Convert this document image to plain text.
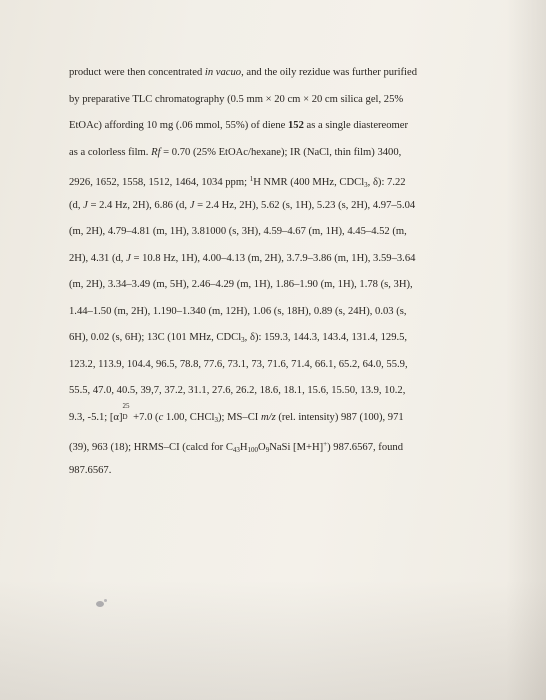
product were then concentrated in vacuo, and the oily rezidue was further purified
by preparative TLC chromatography (0.5 mm × 20 cm × 20 cm silica gel, 25%
EtOAc) affording 10 mg (.06 mmol, 55%) of diene 152 as a single diastereomer
as a colorless film. Rf = 0.70 (25% EtOAc/hexane); IR (NaCl, thin film) 3400,
2926, 1652, 1558, 1512, 1464, 1034 ppm; $^1$H NMR (400 MHz, CDCl$_3$, δ): 7.22
(d, J = 2.4 Hz, 2H), 6.86 (d, J = 2.4 Hz, 2H), 5.62 (s, 1H), 5.23 (s, 2H), 4.97–5.04
(m, 2H), 4.79–4.81 (m, 1H), 3.81000 (s, 3H), 4.59–4.67 (m, 1H), 4.45–4.52 (m,
2H), 4.31 (d, J = 10.8 Hz, 1H), 4.00–4.13 (m, 2H), 3.7.9–3.86 (m, 1H), 3.59–3.64
(m, 2H), 3.34–3.49 (m, 5H), 2.46–4.29 (m, 1H), 1.86–1.90 (m, 1H), 1.78 (s, 3H),
1.44–1.50 (m, 2H), 1.190–1.340 (m, 12H), 1.06 (s, 18H), 0.89 (s, 24H), 0.03 (s,
6H), 0.02 (s, 6H); 13C (101 MHz, CDCl$_3$, δ): 159.3, 144.3, 143.4, 131.4, 129.5,
123.2, 113.9, 104.4, 96.5, 78.8, 77.6, 73.1, 73, 71.6, 71.4, 66.1, 65.2, 64.0, 55.9,
55.5, 47.0, 40.5, 39,7, 37.2, 31.1, 27.6, 26.2, 18.6, 18.1, 15.6, 15.50, 13.9, 10.2,
9.3, -5.1; [α]
25
D +7.0 (c 1.00, CHCl$_3$); MS–CI m/z (rel. intensity) 987 (100), 971
(39), 963 (18); HRMS–CI (calcd for $C_{43}H_{100}O_9NaSi$ [M+H]+) 987.6567, found
987.6567.
